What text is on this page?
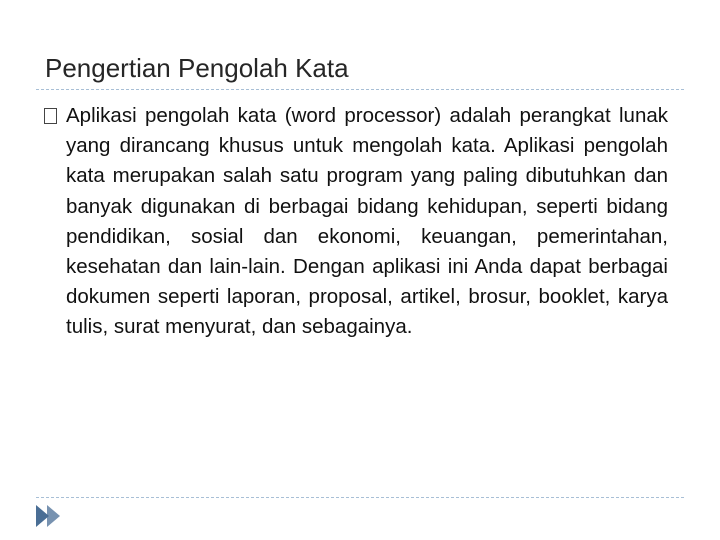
Pengertian Pengolah Kata

Aplikasi pengolah kata (word processor) adalah perangkat lunak yang dirancang khusus untuk mengolah kata. Aplikasi pengolah kata merupakan salah satu program yang paling dibutuhkan dan banyak digunakan di berbagai bidang kehidupan, seperti bidang pendidikan, sosial dan ekonomi, keuangan, pemerintahan, kesehatan dan lain-lain. Dengan aplikasi ini Anda dapat berbagai dokumen seperti laporan, proposal, artikel, brosur, booklet, karya tulis, surat menyurat, dan sebagainya.
